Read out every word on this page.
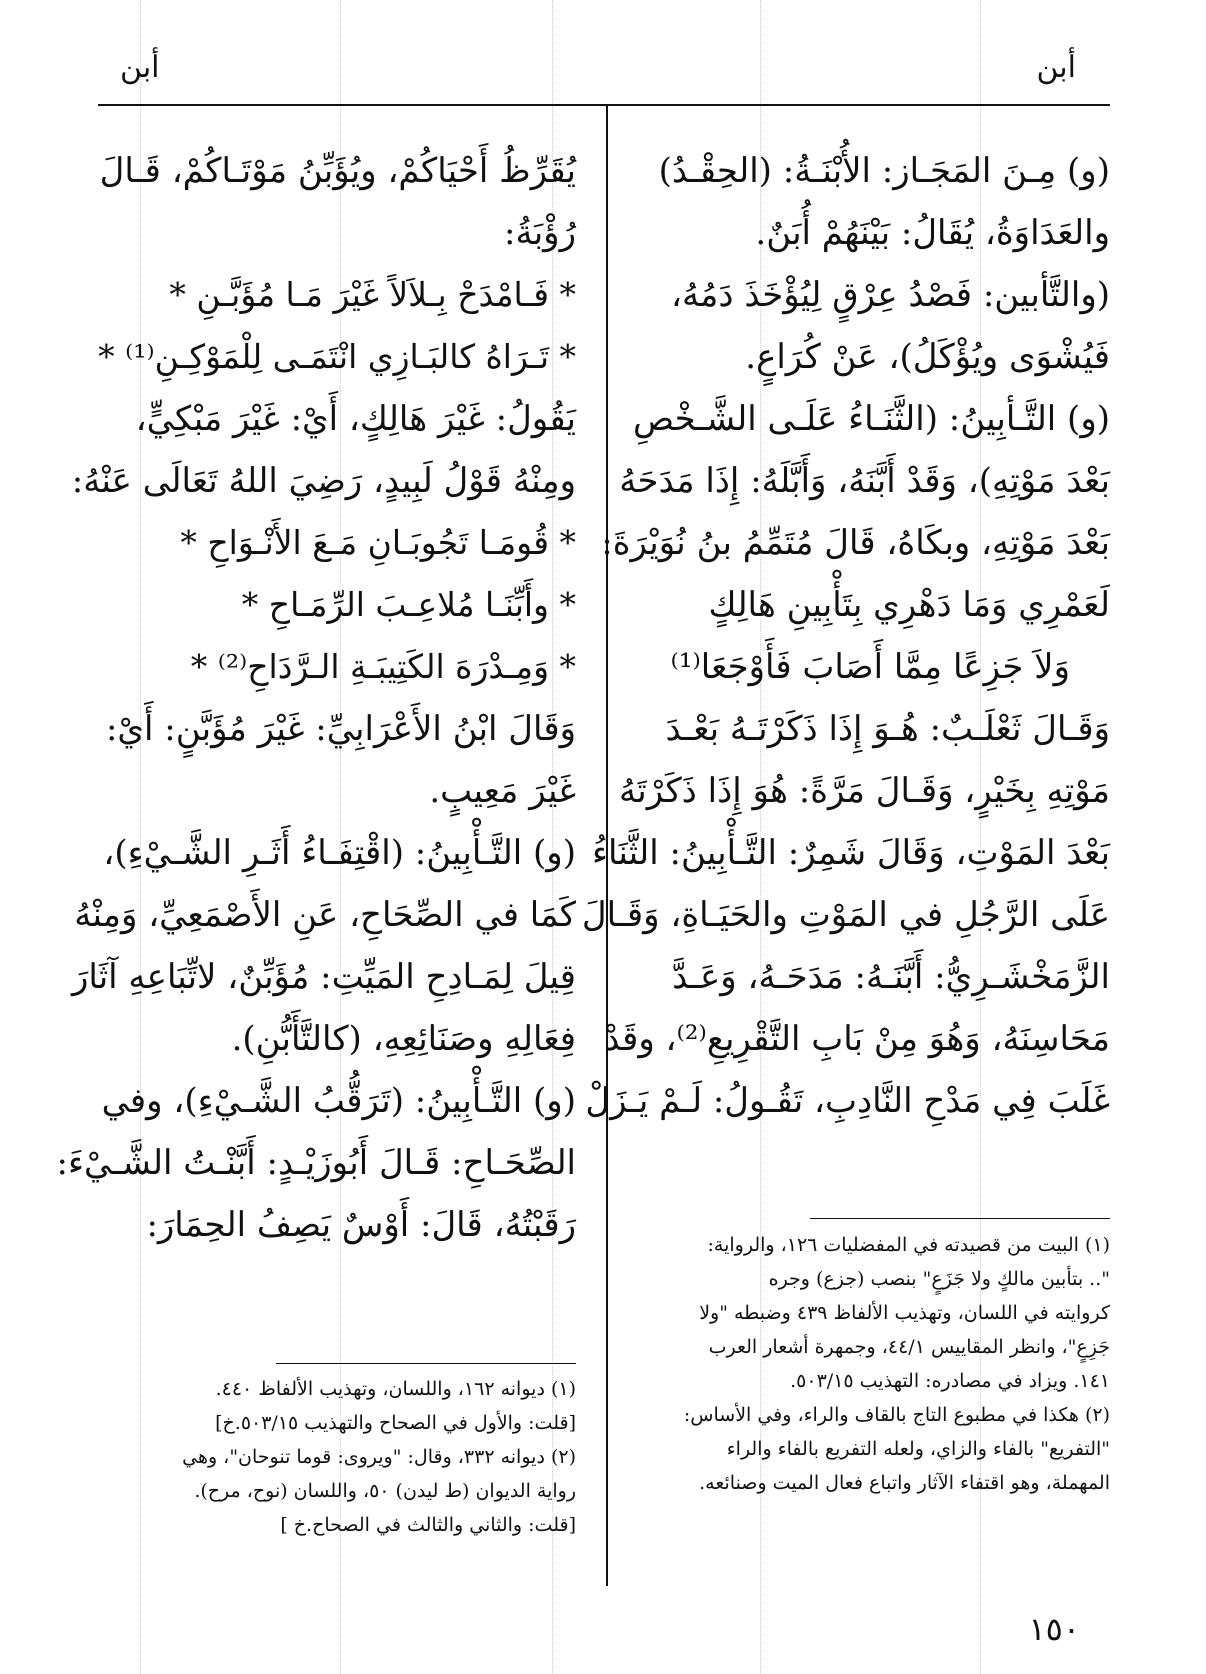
أبن
أبن
(و) مِـنَ المَجَـاز: الأُبْنَـةُ: (الحِقْـدُ)
والعَدَاوَةُ، يُقَالُ: بَيْنَهُمْ أُبَنٌ.
(والتَّأبين: فَصْدُ عِرْقٍ لِيُؤْخَذَ دَمُهُ،
فَيُشْوَى ويُؤْكَلُ)، عَنْ كُرَاعٍ.
(و) التَّـأبِينُ: (الثَّنَـاءُ عَلَـى الشَّـخْصِ
بَعْدَ مَوْتِهِ)، وَقَدْ أَبَّنَهُ، وَأَبَّلَهُ: إِذَا مَدَحَهُ
بَعْدَ مَوْتِهِ، وبكَاهُ، قَالَ مُتَمِّمُ بنُ نُوَيْرَةَ:
لَعَمْرِي وَمَا دَهْرِي بِتَأْبِينِ هَالِكٍ
وَلاَ جَزِعًا مِمَّا أَصَابَ فَأَوْجَعَا⁽¹⁾
وَقَـالَ ثَعْلَـبٌ: هُـوَ إِذَا ذَكَرْتَـهُ بَعْـدَ
مَوْتِهِ بِخَيْرٍ، وَقَـالَ مَرَّةً: هُوَ إِذَا ذَكَرْتَهُ
بَعْدَ المَوْتِ، وَقَالَ شَمِرٌ: التَّـأْبِينُ: الثَّنَاءُ
عَلَى الرَّجُلِ في المَوْتِ والحَيَـاةِ، وَقَـالَ
الزَّمَخْشَـرِيُّ: أَبَّنَـهُ: مَدَحَـهُ، وَعَـدَّ
مَحَاسِنَهُ، وَهُوَ مِنْ بَابِ التَّقْرِيعِ⁽²⁾، وقَدْ
غَلَبَ فِي مَدْحِ النَّادِبِ، تَقُـولُ: لَـمْ يَـزَلْ

(١) البيت من قصيدته في المفضليات ١٢٦، والرواية:

".. بتأبين مالكٍ ولا جَزَعٍ" بنصب (جزع) وجره

كروايته في اللسان، وتهذيب الألفاظ ٤٣٩ وضبطه "ولا

جَزِعٍ"، وانظر المقاييس ٤٤/١، وجمهرة أشعار العرب

١٤١. ويزاد في مصادره: التهذيب ٥٠٣/١٥.

(٢) هكذا في مطبوع التاج بالقاف والراء، وفي الأساس:

"التفريع" بالفاء والزاي، ولعله التفريع بالفاء والراء

المهملة، وهو اقتفاء الآثار واتباع فعال الميت وصنائعه.

يُقَرِّظُ أَحْيَاكُمْ، ويُؤَبِّنُ مَوْتَـاكُمْ، قَـالَ
رُؤْبَةُ:
* فَـامْدَحْ بِـلاَلاً غَيْرَ مَـا مُؤَبَّـنِ *
* تَـرَاهُ كالبَـازِي انْتَمَـى لِلْمَوْكِـنِ⁽¹⁾ *
يَقُولُ: غَيْرَ هَالِكٍ، أَيْ: غَيْرَ مَبْكِيٍّ،
ومِنْهُ قَوْلُ لَبِيدٍ، رَضِيَ اللهُ تَعَالَى عَنْهُ:
* قُومَـا تَجُوبَـانِ مَـعَ الأَنْـوَاحِ *
* وأَبِّنَـا مُلاعِـبَ الرِّمَـاحِ *
* وَمِـدْرَهَ الكَتِيبَـةِ الـرَّدَاحِ⁽²⁾ *
وَقَالَ ابْنُ الأَعْرَابِيِّ: غَيْرَ مُؤَبَّنٍ: أَيْ:
غَيْرَ مَعِيبٍ.
(و) التَّـأْبِينُ: (اقْتِفَـاءُ أَثَـرِ الشَّـيْءِ)،
كَمَا في الصِّحَاحِ، عَنِ الأَصْمَعِيِّ، وَمِنْهُ
قِيلَ لِمَـادِحِ المَيِّتِ: مُؤَبِّنٌ، لاتِّبَاعِهِ آثَارَ
فِعَالِهِ وصَنَائِعِهِ، (كالتَّأَبُّنِ).
(و) التَّـأْبِينُ: (تَرَقُّبُ الشَّـيْءِ)، وفي
الصِّحَـاحِ: قَـالَ أَبُوزَيْـدٍ: أَبَّنْـتُ الشَّـيْءَ:
رَقَبْتُهُ، قَالَ: أَوْسٌ يَصِفُ الحِمَارَ:

(١) ديوانه ١٦٢، واللسان، وتهذيب الألفاظ ٤٤٠.

[قلت: والأول في الصحاح والتهذيب ٥٠٣/١٥.خ]

(٢) ديوانه ٣٣٢، وقال: "ويروى: قوما تنوحان"، وهي

رواية الديوان (ط ليدن) ٥٠، واللسان (نوح، مرح).

[قلت: والثاني والثالث في الصحاح.خ ]

١٥٠
